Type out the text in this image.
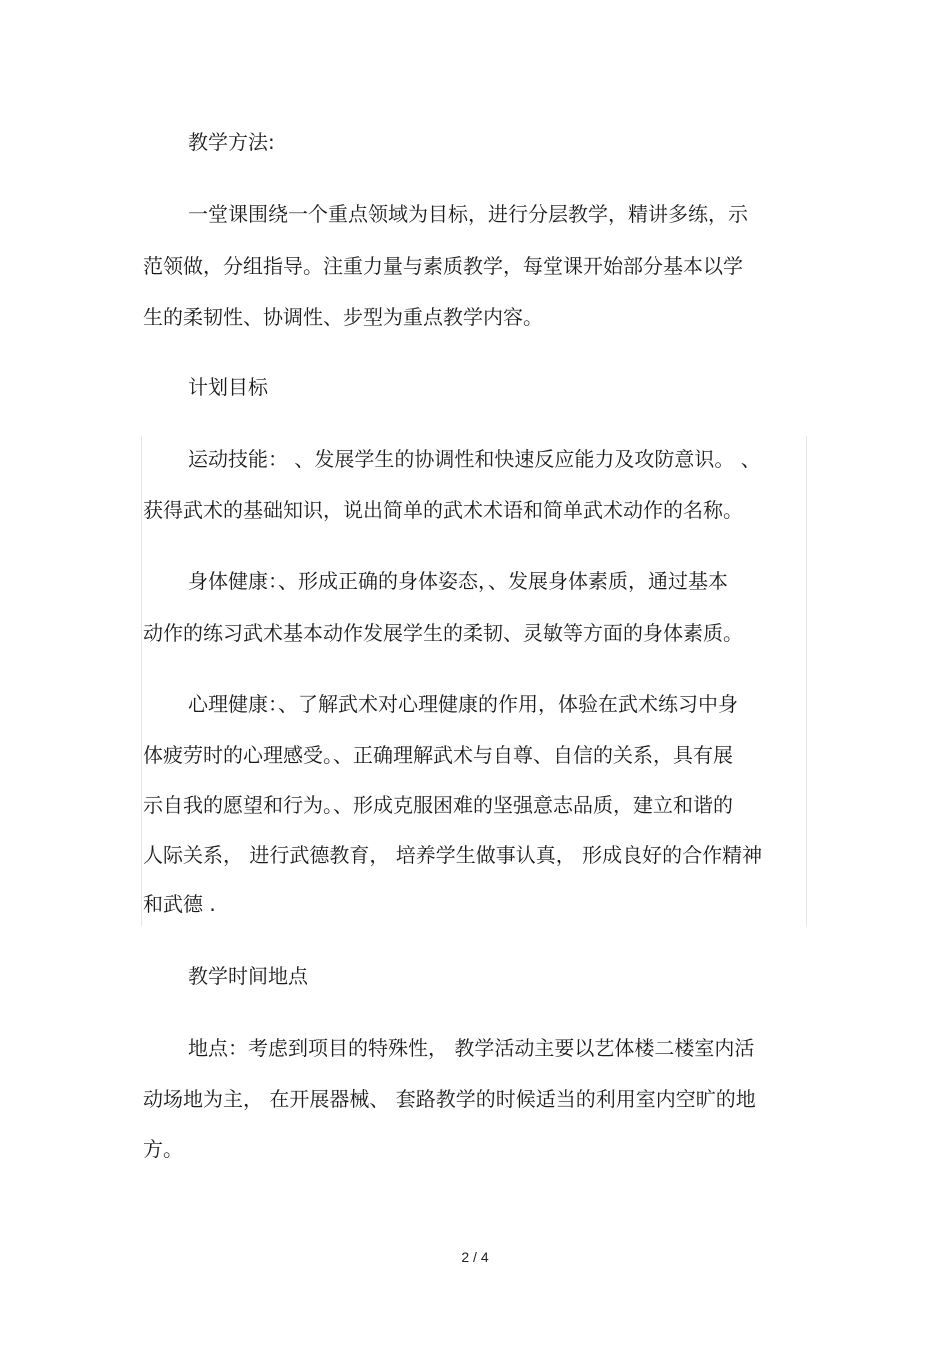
教学方法:

一堂课围绕一个重点领域为目标，进行分层教学，精讲多练，示

范领做，分组指导。注重力量与素质教学，每堂课开始部分基本以学

生的柔韧性、协调性、步型为重点教学内容。

计划目标

运动技能： 、发展学生的协调性和快速反应能力及攻防意识。 、

获得武术的基础知识，说出简单的武术术语和简单武术动作的名称。

身体健康：、形成正确的身体姿态，、发展身体素质，通过基本

动作的练习武术基本动作发展学生的柔韧、灵敏等方面的身体素质。

心理健康：、了解武术对心理健康的作用，体验在武术练习中身

体疲劳时的心理感受。、正确理解武术与自尊、自信的关系，具有展

示自我的愿望和行为。、形成克服困难的坚强意志品质，建立和谐的

人际关系， 进行武德教育， 培养学生做事认真， 形成良好的合作精神

和武德 .

教学时间地点

地点：考虑到项目的特殊性， 教学活动主要以艺体楼二楼室内活

动场地为主， 在开展器械、 套路教学的时候适当的利用室内空旷的地

方。

2 / 4
